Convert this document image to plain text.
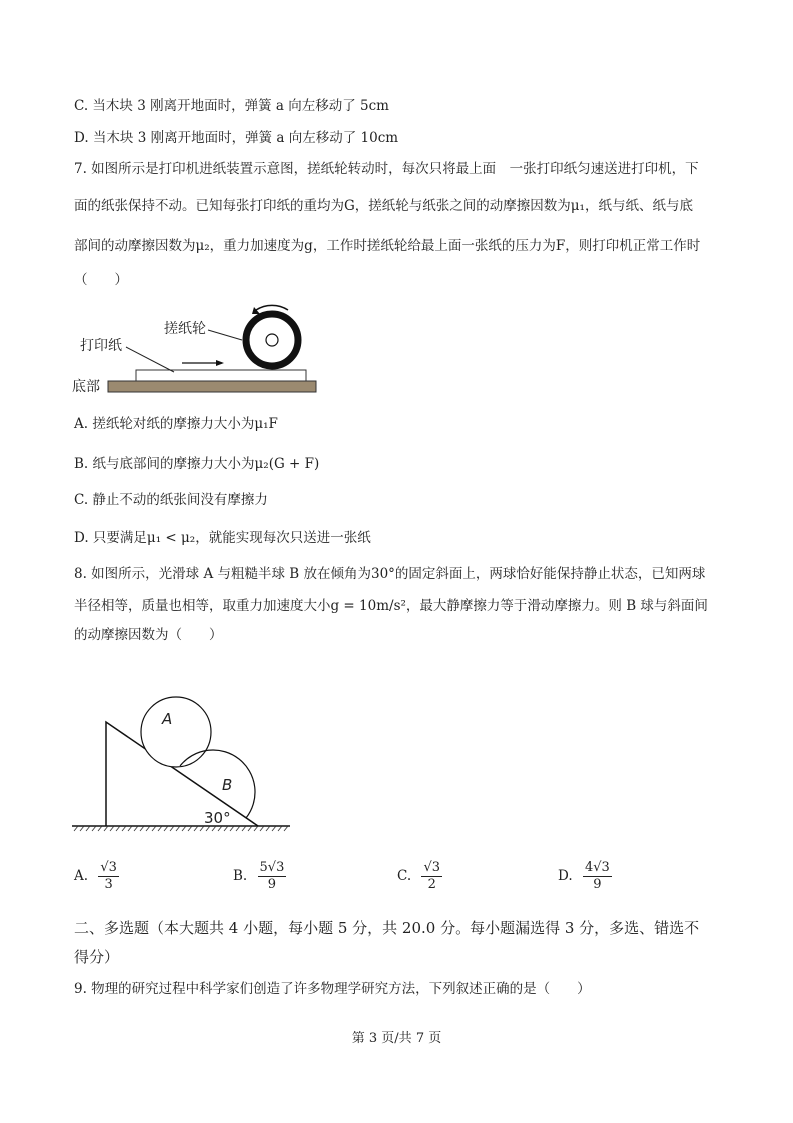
C. 当木块 3 刚离开地面时，弹簧 a 向左移动了 5cm
D. 当木块 3 刚离开地面时，弹簧 a 向左移动了 10cm
7. 如图所示是打印机进纸装置示意图，搓纸轮转动时，每次只将最上面　一张打印纸匀速送进打印机，下
面的纸张保持不动。已知每张打印纸的重均为G，搓纸轮与纸张之间的动摩擦因数为μ₁，纸与纸、纸与底
部间的动摩擦因数为μ₂，重力加速度为g，工作时搓纸轮给最上面一张纸的压力为F，则打印机正常工作时
（　　）
搓纸轮
打印纸
底部
A. 搓纸轮对纸的摩擦力大小为μ₁F
B. 纸与底部间的摩擦力大小为μ₂(G + F)
C. 静止不动的纸张间没有摩擦力
D. 只要满足μ₁ < μ₂，就能实现每次只送进一张纸
8. 如图所示，光滑球 A 与粗糙半球 B 放在倾角为30°的固定斜面上，两球恰好能保持静止状态，已知两球
半径相等，质量也相等，取重力加速度大小g = 10m/s²，最大静摩擦力等于滑动摩擦力。则 B 球与斜面间
的动摩擦因数为（　　）
A
B
30°
A. $\frac{√3}{3}$	B. $\frac{5√3}{9}$	C. $\frac{√3}{2}$	D. $\frac{4√3}{9}$
二、多选题（本大题共 4 小题，每小题 5 分，共 20.0 分。每小题漏选得 3 分，多选、错选不
得分）
9. 物理的研究过程中科学家们创造了许多物理学研究方法，下列叙述正确的是（　　）
第 3 页/共 7 页
